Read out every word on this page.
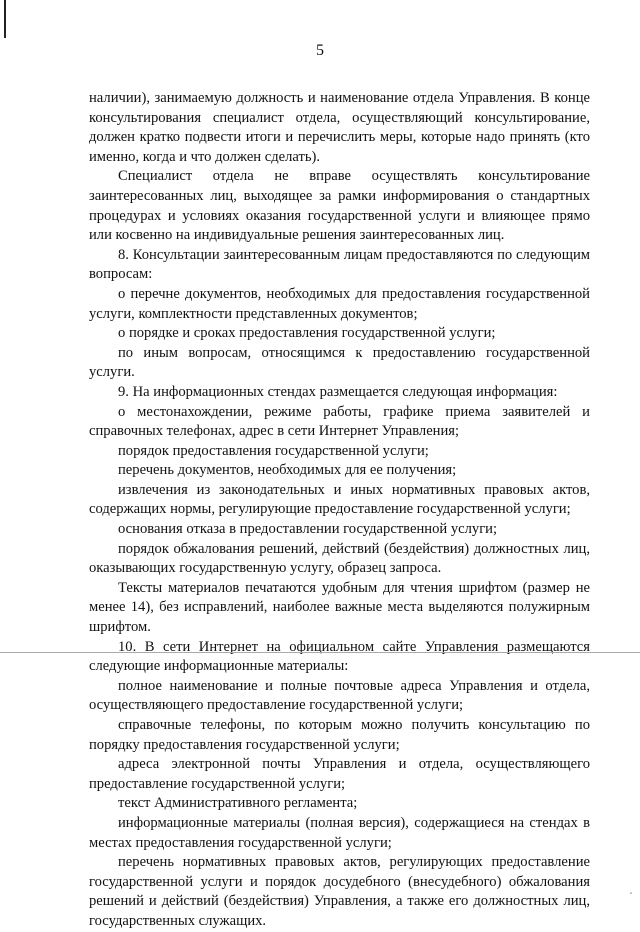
5

наличии), занимаемую должность и наименование отдела Управления. В конце консультирования специалист отдела, осуществляющий консультирование, должен кратко подвести итоги и перечислить меры, которые надо принять (кто именно, когда и что должен сделать).

Специалист отдела не вправе осуществлять консультирование заинтересованных лиц, выходящее за рамки информирования о стандартных процедурах и условиях оказания государственной услуги и влияющее прямо или косвенно на индивидуальные решения заинтересованных лиц.

8. Консультации заинтересованным лицам предоставляются по следующим вопросам:

о перечне документов, необходимых для предоставления государственной услуги, комплектности представленных документов;

о порядке и сроках предоставления государственной услуги;

по иным вопросам, относящимся к предоставлению государственной услуги.

9. На информационных стендах размещается следующая информация:

о местонахождении, режиме работы, графике приема заявителей и справочных телефонах, адрес в сети Интернет Управления;

порядок предоставления государственной услуги;

перечень документов, необходимых для ее получения;

извлечения из законодательных и иных нормативных правовых актов, содержащих нормы, регулирующие предоставление государственной услуги;

основания отказа в предоставлении государственной услуги;

порядок обжалования решений, действий (бездействия) должностных лиц, оказывающих государственную услугу, образец запроса.

Тексты материалов печатаются удобным для чтения шрифтом (размер не менее 14), без исправлений, наиболее важные места выделяются полужирным шрифтом.

10. В сети Интернет на официальном сайте Управления размещаются следующие информационные материалы:

полное наименование и полные почтовые адреса Управления и отдела, осуществляющего предоставление государственной услуги;

справочные телефоны, по которым можно получить консультацию по порядку предоставления государственной услуги;

адреса электронной почты Управления и отдела, осуществляющего предоставление государственной услуги;

текст Административного регламента;

информационные материалы (полная версия), содержащиеся на стендах в местах предоставления государственной услуги;

перечень нормативных правовых актов, регулирующих предоставление государственной услуги и порядок досудебного (внесудебного) обжалования решений и действий (бездействия) Управления, а также его должностных лиц, государственных служащих.

"
